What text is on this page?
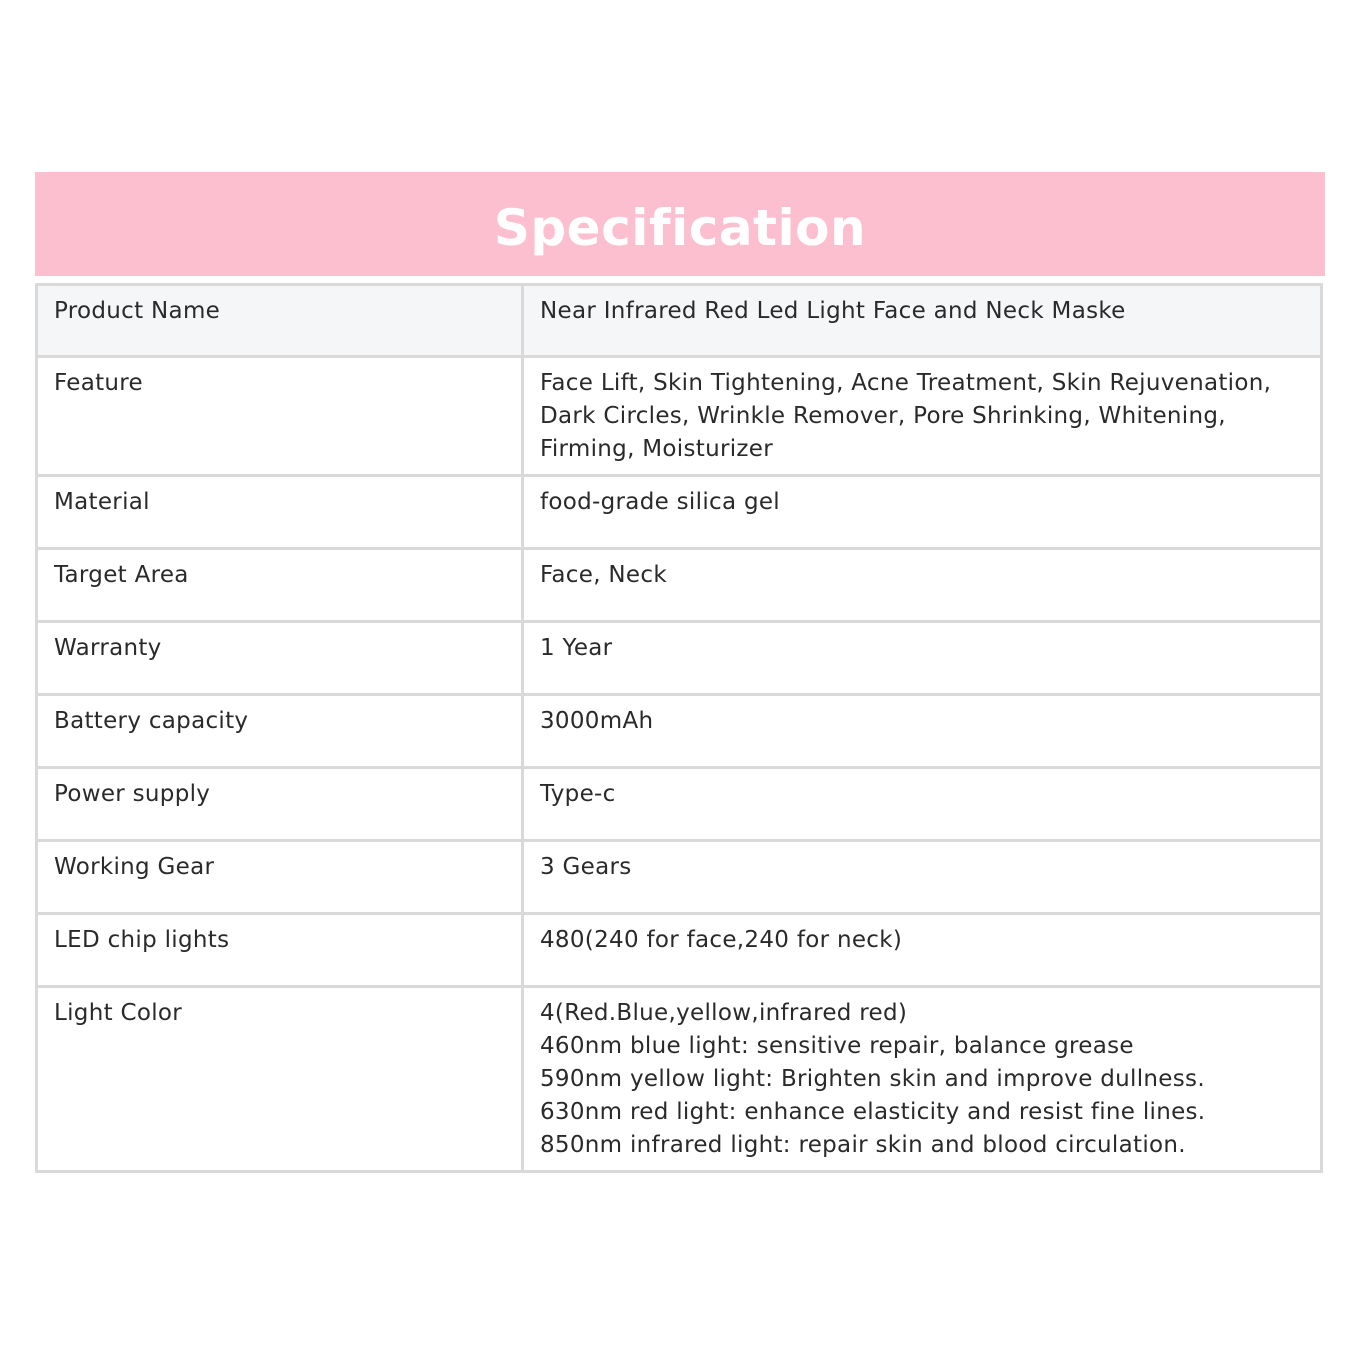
Specification
Product Name	Near Infrared Red Led Light Face and Neck Maske

Feature	Face Lift, Skin Tightening, Acne Treatment, Skin Rejuvenation,
Dark Circles, Wrinkle Remover, Pore Shrinking, Whitening,
Firming, Moisturizer

Material	food-grade silica gel

Target Area	Face, Neck

Warranty	1 Year

Battery capacity	3000mAh

Power supply	Type-c

Working Gear	3 Gears

LED chip lights	480(240 for face,240 for neck)

Light Color	4(Red.Blue,yellow,infrared red)
460nm blue light: sensitive repair, balance grease
590nm yellow light: Brighten skin and improve dullness.
630nm red light: enhance elasticity and resist fine lines.
850nm infrared light: repair skin and blood circulation.
